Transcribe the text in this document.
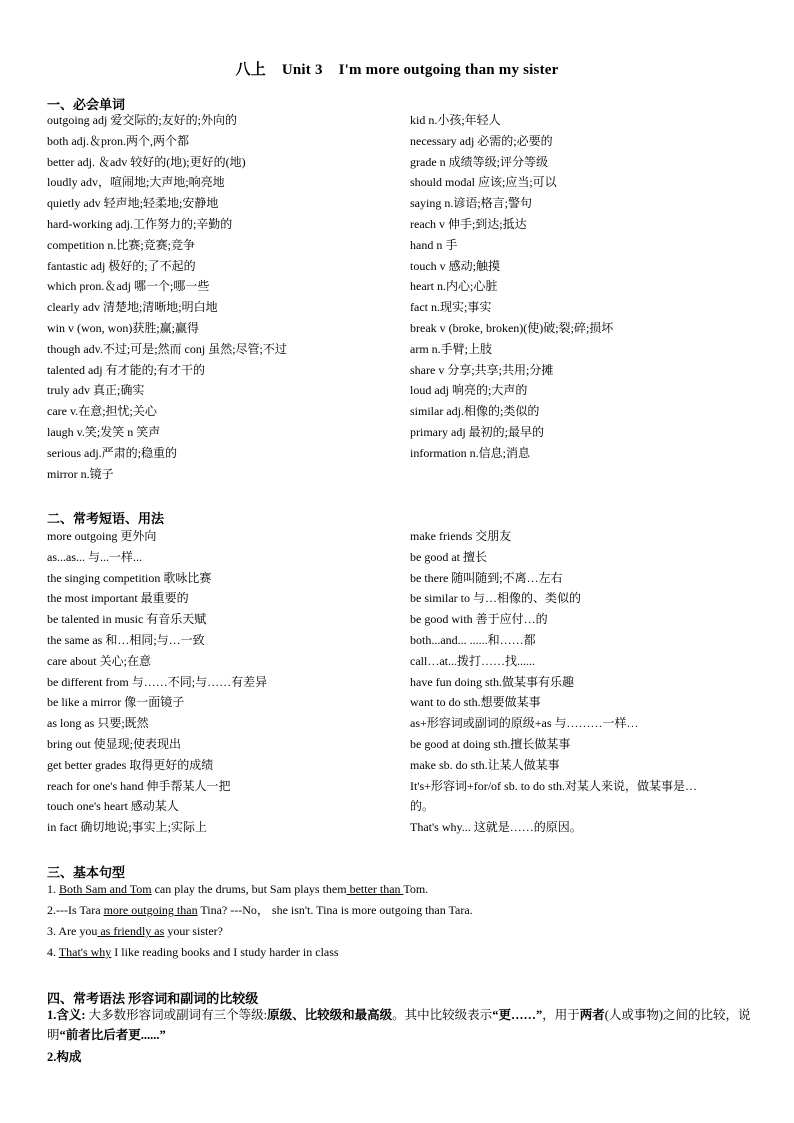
八上 Unit 3 I'm more outgoing than my sister
一、必会单词
outgoing adj 爱交际的;友好的;外向的
both adj.＆pron.两个,两个都
better adj. ＆adv 较好的(地);更好的(地)
loudly adv，喧闹地;大声地;响亮地
quietly adv 轻声地;轻柔地;安静地
hard-working adj.工作努力的;辛勤的
competition n.比赛;竞赛;竞争
fantastic adj 极好的;了不起的
which pron.＆adj 哪一个;哪一些
clearly adv 清楚地;清晰地;明白地
win v (won, won)获胜;赢;赢得
though adv.不过;可是;然而 conj 虽然;尽管;不过
talented adj 有才能的;有才干的
truly adv 真正;确实
care v.在意;担忧;关心
laugh v.笑;发笑 n 笑声
serious adj.严肃的;稳重的
mirror n.镜子
kid n.小孩;年轻人
necessary adj 必需的;必要的
grade n 成绩等级;评分等级
should modal 应该;应当;可以
saying n.谚语;格言;警句
reach v 伸手;到达;抵达
hand n 手
touch v 感动;触摸
heart n.内心;心脏
fact n.现实;事实
break v (broke, broken)(使)破;裂;碎;损坏
arm n.手臂;上肢
share v 分享;共享;共用;分摊
loud adj 响亮的;大声的
similar adj.相像的;类似的
primary adj 最初的;最早的
information n.信息;消息
二、常考短语、用法
more outgoing 更外向
as...as... 与...一样...
the singing competition 歌咏比赛
the most important 最重要的
be talented in music 有音乐天赋
the same as 和…相同;与…一致
care about 关心;在意
be different from 与……不同;与……有差异
be like a mirror 像一面镜子
as long as 只要;既然
bring out 使显现;使表现出
get better grades 取得更好的成绩
reach for one's hand 伸手帮某人一把
touch one's heart 感动某人
in fact 确切地说;事实上;实际上
make friends 交朋友
be good at 擅长
be there 随叫随到;不离…左右
be similar to 与…相像的、类似的
be good with 善于应付…的
both...and... ......和……都
call…at...拨打……找......
have fun doing sth.做某事有乐趣
want to do sth.想要做某事
as+形容词或副词的原级+as 与………一样…
be good at doing sth.擅长做某事
make sb. do sth.让某人做某事
It's+形容词+for/of sb. to do sth.对某人来说，做某事是…
的。
That's why... 这就是……的原因。
三、基本句型
1. Both Sam and Tom can play the drums, but Sam plays them better than Tom.
2.---Is Tara more outgoing than Tina? ---No， she isn't. Tina is more outgoing than Tara.
3. Are you as friendly as your sister?
4. That's why I like reading books and I study harder in class
四、常考语法 形容词和副词的比较级
1.含义: 大多数形容词或副词有三个等级:原级、比较级和最高级。其中比较级表示“更……”，用于两者(人或事物)之间的比较，说明“前者比后者更......”
2.构成
